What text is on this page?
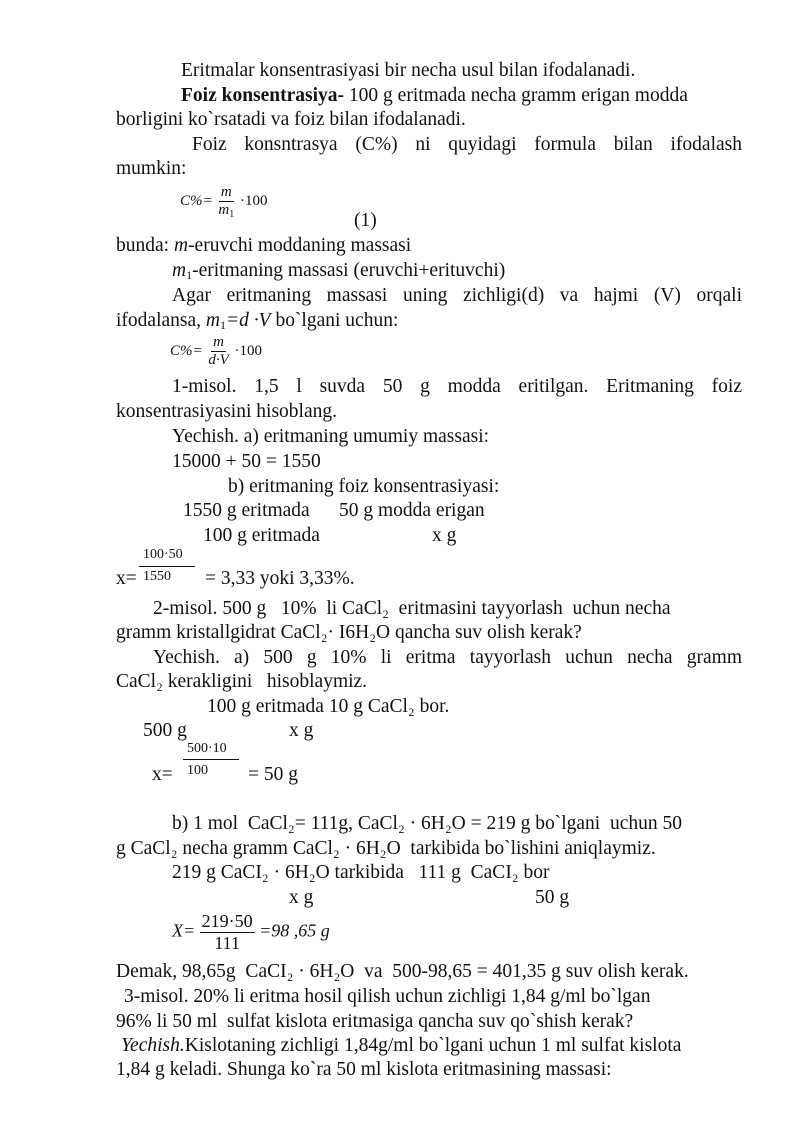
Eritmalar konsentrasiyasi bir necha usul bilan ifodalanadi.
Foiz konsentrasiya- 100 g eritmada necha gramm erigan modda
borligini ko`rsatadi va foiz bilan ifodalanadi.
Foiz konsntrasya (C%) ni quyidagi formula bilan ifodalash
mumkin:
$C\%= \frac{m}{m_1} \cdot 100$
(1)
bunda: m-eruvchi moddaning massasi
$m_1$-eritmaning massasi (eruvchi+erituvchi)
Agar eritmaning massasi uning zichligi(d) va hajmi (V) orqali
ifodalansa, $m_1=d \cdot V$ bo`lgani uchun:
$C\%= \frac{m}{d\cdot V} \cdot 100$
1-misol. 1,5 l suvda 50 g modda eritilgan. Eritmaning foiz
konsentrasiyasini hisoblang.
Yechish. a) eritmaning umumiy massasi:
15000 + 50 = 1550
b) eritmaning foiz konsentrasiyasi:
1550 g eritmada      50 g modda erigan
100 g eritmada	x g
100·50
x= 1550 = 3,33 yoki 3,33%.
2-misol. 500 g   10%  li CaCl₂  eritmasini tayyorlash  uchun necha
gramm kristallgidrat CaCl₂· I6H₂O qancha suv olish kerak?
Yechish. a) 500 g 10% li eritma tayyorlash uchun necha gramm
CaCl₂ kerakligini   hisoblaymiz.
100 g eritmada 10 g CaCl₂ bor.
500 g	x g
500·10
x= 100 = 50 g
b) 1 mol  CaCl₂= 111g, CaCl₂ · 6H₂O = 219 g bo`lgani  uchun 50
g CaCl₂ necha gramm CaCl₂ · 6H₂O  tarkibida bo`lishini aniqlaymiz.
219 g CaCI₂ · 6H₂O tarkibida   111 g  CaCI₂ bor
x g	50 g
$X= \frac{219\cdot 50}{111} =98$ ,65 g
Demak, 98,65g  CaCI₂ · 6H₂O  va  500-98,65 = 401,35 g suv olish kerak.
3-misol. 20% li eritma hosil qilish uchun zichligi 1,84 g/ml bo`lgan
96% li 50 ml  sulfat kislota eritmasiga qancha suv qo`shish kerak?
Yechish.Kislotaning zichligi 1,84g/ml bo`lgani uchun 1 ml sulfat kislota
1,84 g keladi. Shunga ko`ra 50 ml kislota eritmasining massasi:
